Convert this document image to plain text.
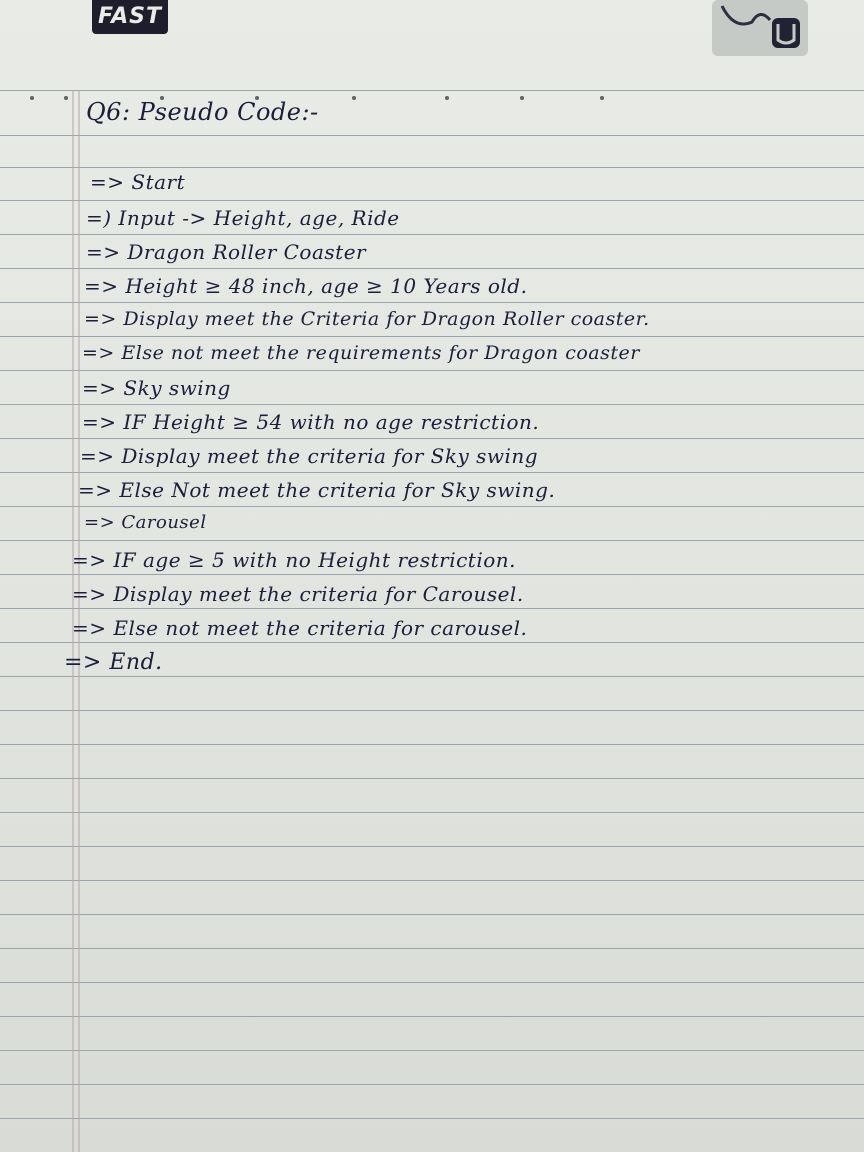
FAST
Q6: Pseudo Code:-
=> Start
=) Input -> Height, age, Ride
=> Dragon Roller Coaster
=> Height ≥ 48 inch, age ≥ 10 Years old.
=> Display meet the Criteria for Dragon Roller coaster.
=> Else not meet the requirements for Dragon coaster
=> Sky swing
=> IF Height ≥ 54 with no age restriction.
=> Display meet the criteria for Sky swing
=> Else Not meet the criteria for Sky swing.
=> Carousel
=> IF age ≥ 5 with no Height restriction.
=> Display meet the criteria for Carousel.
=> Else not meet the criteria for carousel.
=> End.
